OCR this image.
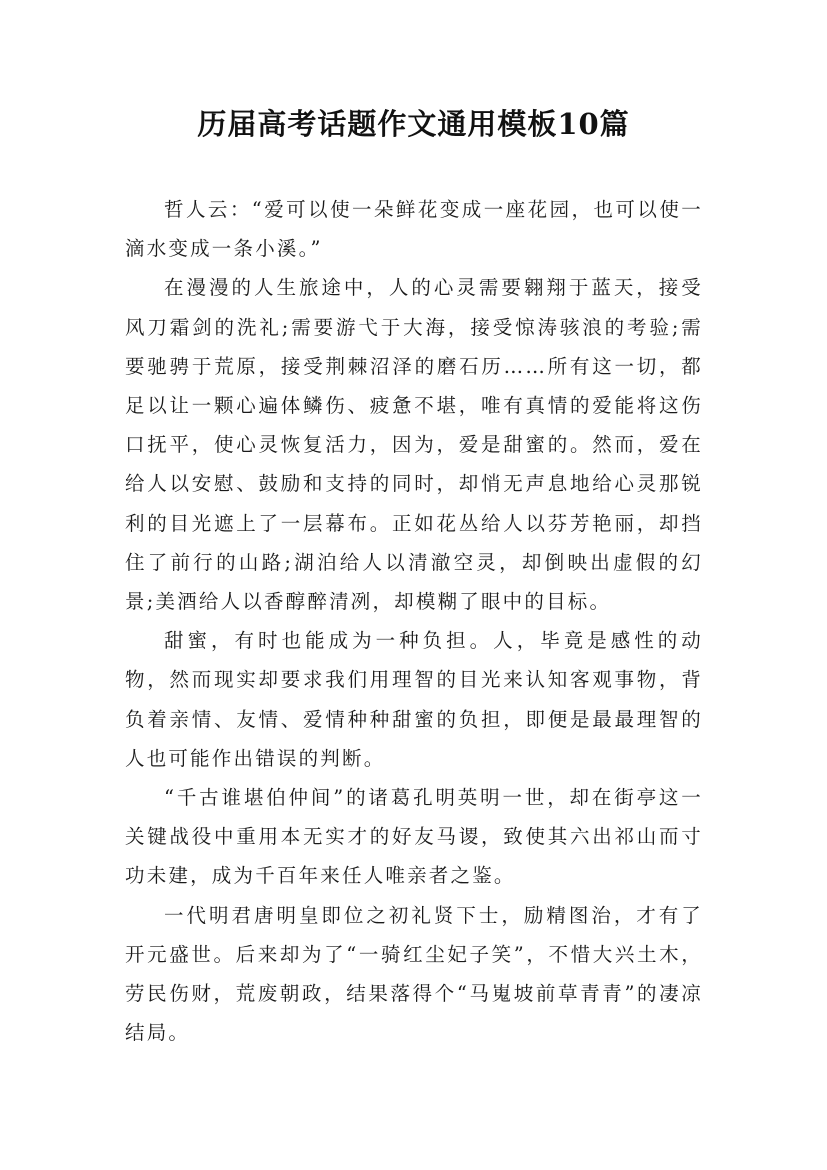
历届高考话题作文通用模板10篇

哲人云：“爱可以使一朵鲜花变成一座花园，也可以使一滴水变成一条小溪。”

在漫漫的人生旅途中，人的心灵需要翱翔于蓝天，接受风刀霜剑的洗礼;需要游弋于大海，接受惊涛骇浪的考验;需要驰骋于荒原，接受荆棘沼泽的磨石历……所有这一切，都足以让一颗心遍体鳞伤、疲惫不堪，唯有真情的爱能将这伤口抚平，使心灵恢复活力，因为，爱是甜蜜的。然而，爱在给人以安慰、鼓励和支持的同时，却悄无声息地给心灵那锐利的目光遮上了一层幕布。正如花丛给人以芬芳艳丽，却挡住了前行的山路;湖泊给人以清澈空灵，却倒映出虚假的幻景;美酒给人以香醇醉清冽，却模糊了眼中的目标。

甜蜜，有时也能成为一种负担。人，毕竟是感性的动物，然而现实却要求我们用理智的目光来认知客观事物，背负着亲情、友情、爱情种种甜蜜的负担，即便是最最理智的人也可能作出错误的判断。

“千古谁堪伯仲间”的诸葛孔明英明一世，却在街亭这一关键战役中重用本无实才的好友马谡，致使其六出祁山而寸功未建，成为千百年来任人唯亲者之鉴。

一代明君唐明皇即位之初礼贤下士，励精图治，才有了开元盛世。后来却为了“一骑红尘妃子笑”，不惜大兴土木，劳民伤财，荒废朝政，结果落得个“马嵬坡前草青青”的凄凉结局。
